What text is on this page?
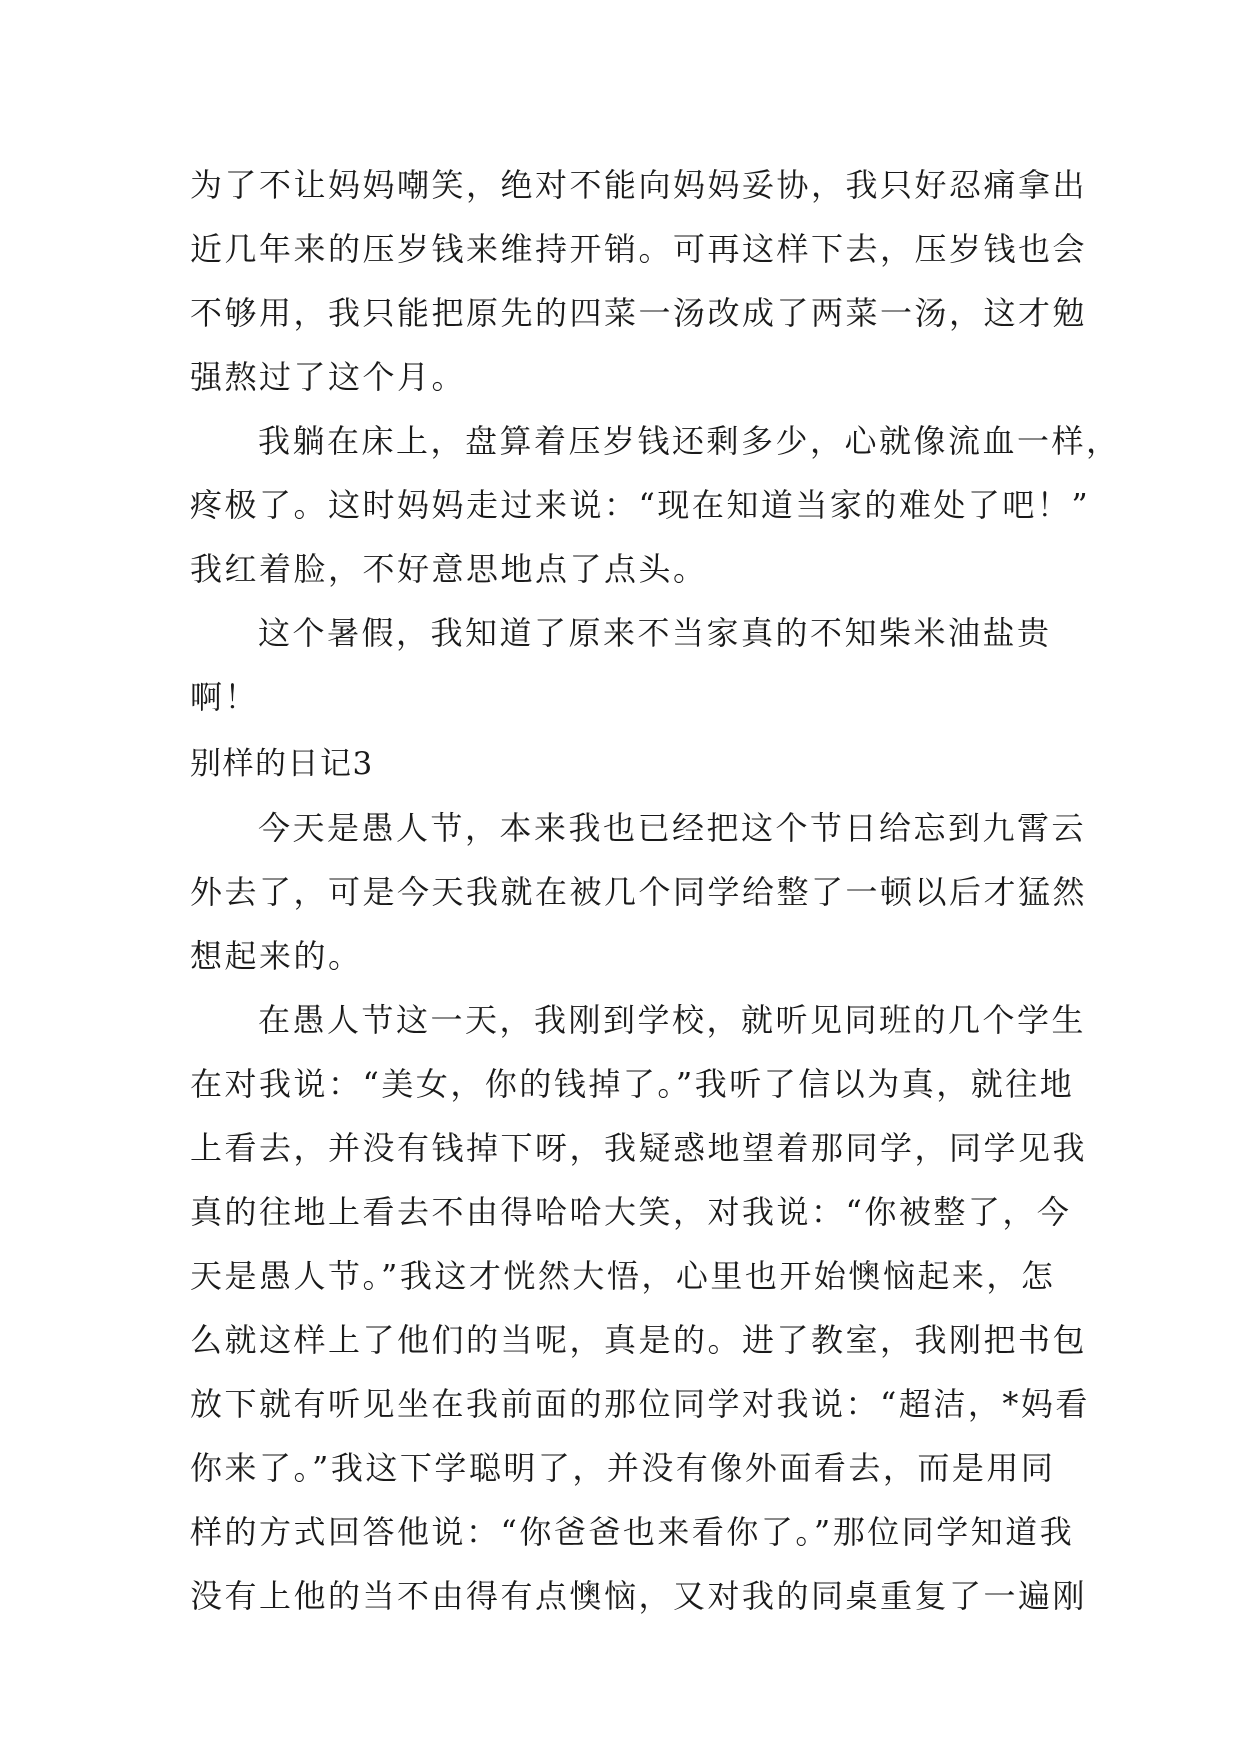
为了不让妈妈嘲笑，绝对不能向妈妈妥协，我只好忍痛拿出
近几年来的压岁钱来维持开销。可再这样下去，压岁钱也会
不够用，我只能把原先的四菜一汤改成了两菜一汤，这才勉
强熬过了这个月。
我躺在床上，盘算着压岁钱还剩多少，心就像流血一样，
疼极了。这时妈妈走过来说：“现在知道当家的难处了吧！”
我红着脸，不好意思地点了点头。
这个暑假，我知道了原来不当家真的不知柴米油盐贵
啊！
别样的日记3
今天是愚人节，本来我也已经把这个节日给忘到九霄云
外去了，可是今天我就在被几个同学给整了一顿以后才猛然
想起来的。
在愚人节这一天，我刚到学校，就听见同班的几个学生
在对我说：“美女，你的钱掉了。”我听了信以为真，就往地
上看去，并没有钱掉下呀，我疑惑地望着那同学，同学见我
真的往地上看去不由得哈哈大笑，对我说：“你被整了，今
天是愚人节。”我这才恍然大悟，心里也开始懊恼起来，怎
么就这样上了他们的当呢，真是的。进了教室，我刚把书包
放下就有听见坐在我前面的那位同学对我说：“超洁，*妈看
你来了。”我这下学聪明了，并没有像外面看去，而是用同
样的方式回答他说：“你爸爸也来看你了。”那位同学知道我
没有上他的当不由得有点懊恼，又对我的同桌重复了一遍刚
